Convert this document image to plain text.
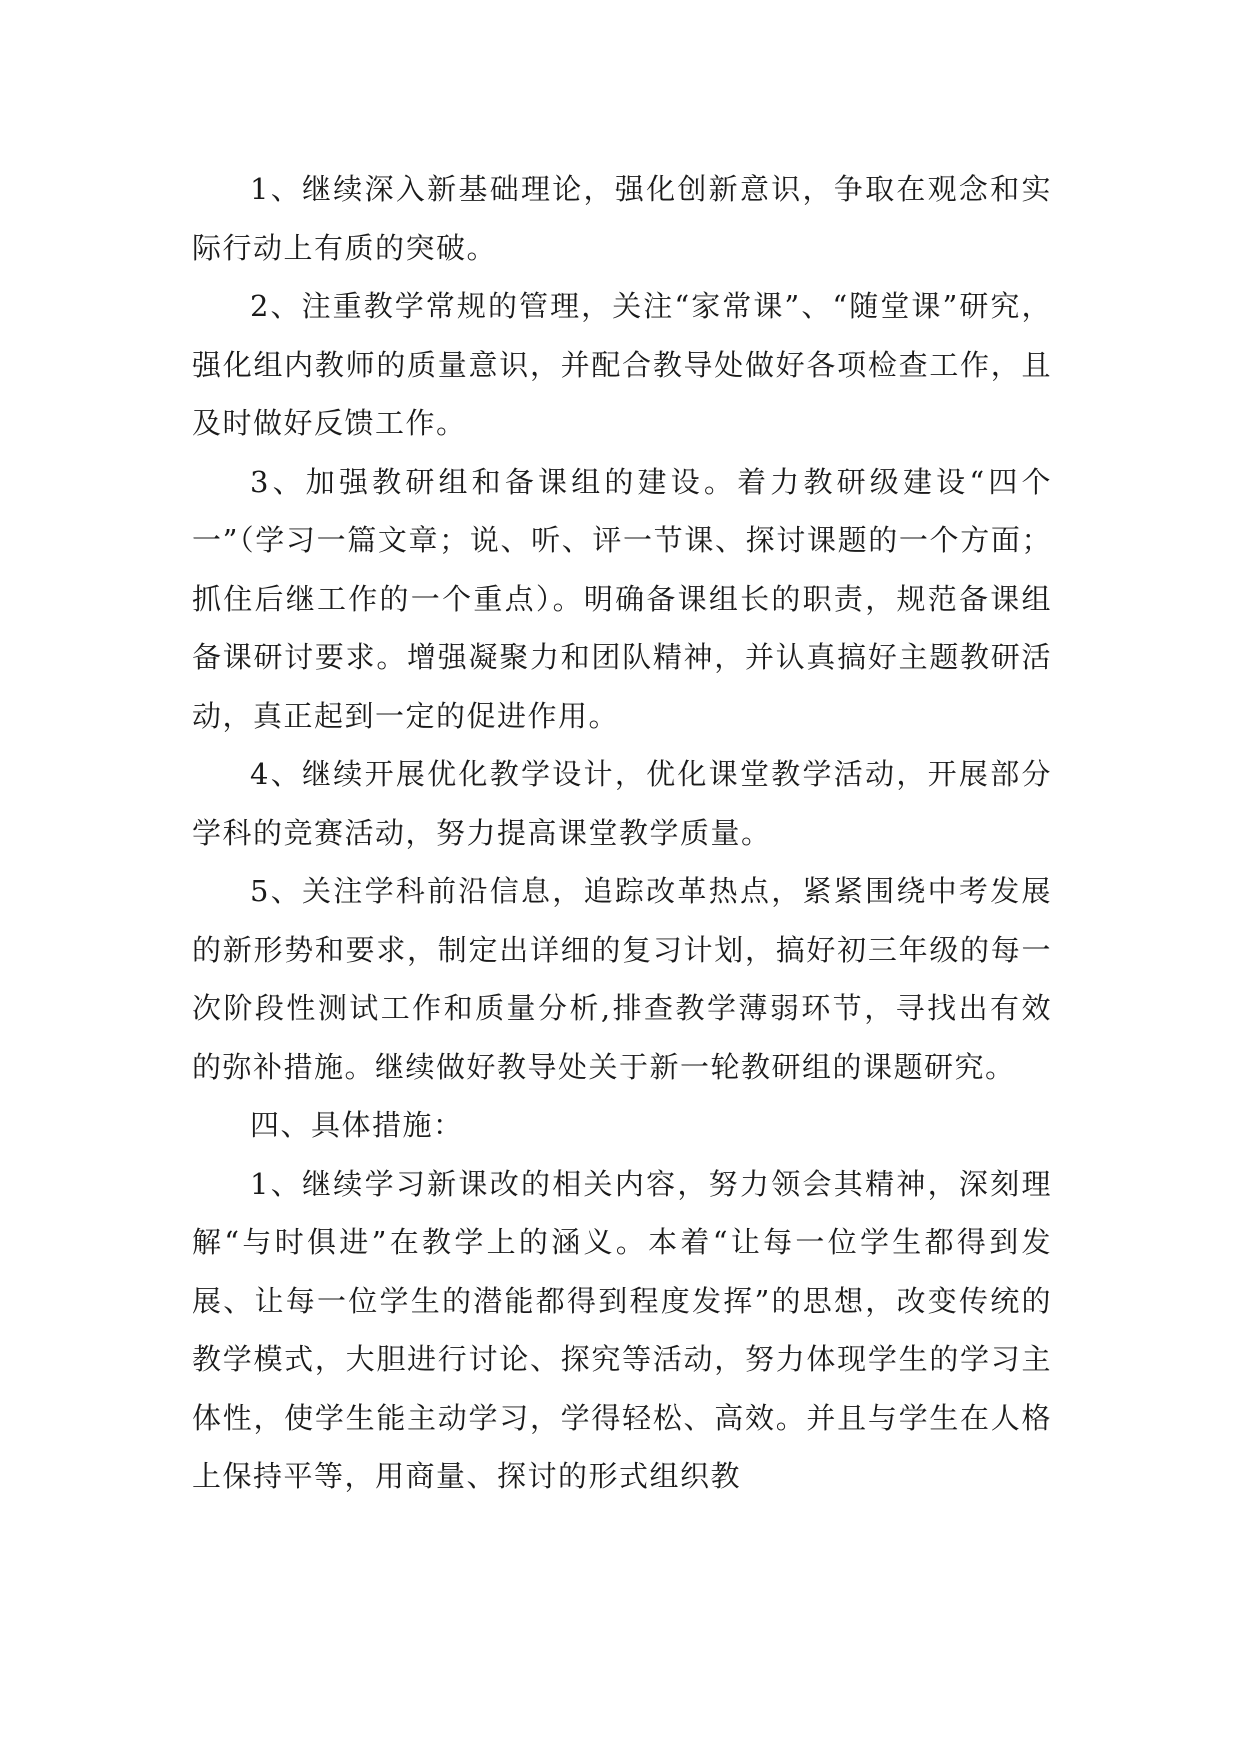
1、继续深入新基础理论，强化创新意识，争取在观念和实际行动上有质的突破。

2、注重教学常规的管理，关注“家常课”、“随堂课”研究，强化组内教师的质量意识，并配合教导处做好各项检查工作，且及时做好反馈工作。

3、加强教研组和备课组的建设。着力教研级建设“四个一”（学习一篇文章；说、听、评一节课、探讨课题的一个方面；抓住后继工作的一个重点）。明确备课组长的职责，规范备课组备课研讨要求。增强凝聚力和团队精神，并认真搞好主题教研活动，真正起到一定的促进作用。

4、继续开展优化教学设计，优化课堂教学活动，开展部分学科的竞赛活动，努力提高课堂教学质量。

5、关注学科前沿信息，追踪改革热点，紧紧围绕中考发展的新形势和要求，制定出详细的复习计划，搞好初三年级的每一次阶段性测试工作和质量分析,排查教学薄弱环节，寻找出有效的弥补措施。继续做好教导处关于新一轮教研组的课题研究。

四、具体措施：

1、继续学习新课改的相关内容，努力领会其精神，深刻理解“与时俱进”在教学上的涵义。本着“让每一位学生都得到发展、让每一位学生的潜能都得到程度发挥”的思想，改变传统的教学模式，大胆进行讨论、探究等活动，努力体现学生的学习主体性，使学生能主动学习，学得轻松、高效。并且与学生在人格上保持平等，用商量、探讨的形式组织教
